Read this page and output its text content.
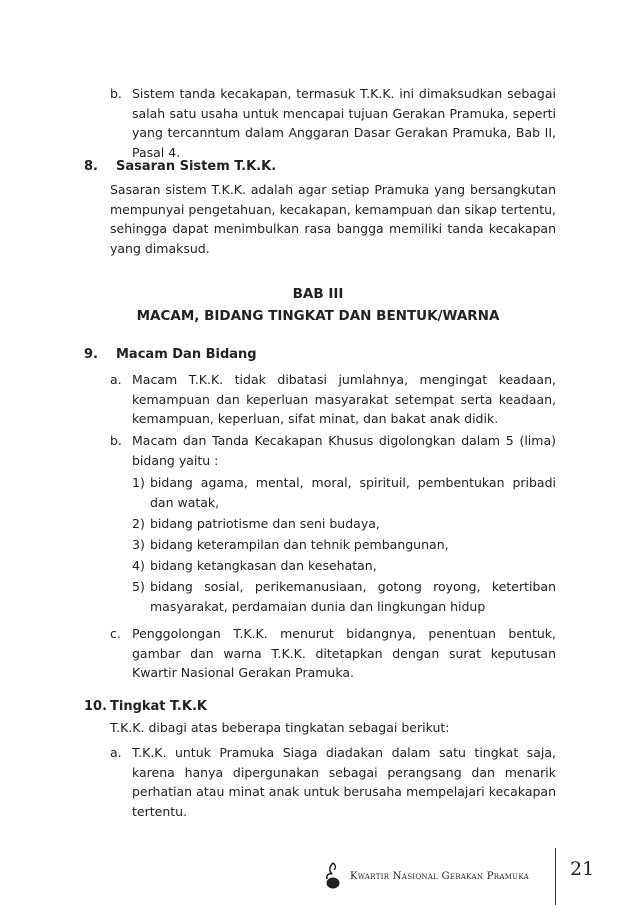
b. Sistem tanda kecakapan, termasuk T.K.K. ini dimaksudkan sebagai salah satu usaha untuk mencapai tujuan Gerakan Pramuka, seperti yang tercanntum dalam Anggaran Dasar Gerakan Pramuka, Bab II, Pasal 4.
8.	Sasaran Sistem T.K.K.
Sasaran sistem T.K.K. adalah agar setiap Pramuka yang bersangkutan mempunyai pengetahuan, kecakapan, kemampuan dan sikap tertentu, sehingga dapat menimbulkan rasa bangga memiliki tanda kecakapan yang dimaksud.
BAB III
MACAM, BIDANG TINGKAT DAN BENTUK/WARNA
9.	Macam Dan Bidang
a. Macam T.K.K. tidak dibatasi jumlahnya, mengingat keadaan, kemampuan dan keperluan masyarakat setempat serta keadaan, kemampuan, keperluan, sifat minat, dan bakat anak didik.
b. Macam dan Tanda Kecakapan Khusus digolongkan dalam 5 (lima) bidang yaitu :
1) bidang agama, mental, moral, spirituil, pembentukan pribadi dan watak,
2) bidang patriotisme dan seni budaya,
3) bidang keterampilan dan tehnik pembangunan,
4) bidang ketangkasan dan kesehatan,
5) bidang sosial, perikemanusiaan, gotong royong, ketertiban masyarakat, perdamaian dunia dan lingkungan hidup
c. Penggolongan T.K.K. menurut bidangnya, penentuan bentuk, gambar dan warna T.K.K. ditetapkan dengan surat keputusan Kwartir Nasional Gerakan Pramuka.
10. Tingkat T.K.K
T.K.K. dibagi atas beberapa tingkatan sebagai berikut:
a. T.K.K. untuk Pramuka Siaga diadakan dalam satu tingkat saja, karena hanya dipergunakan sebagai perangsang dan menarik perhatian atau minat anak untuk berusaha mempelajari kecakapan tertentu.
Kwartir Nasional Gerakan Pramuka 21
